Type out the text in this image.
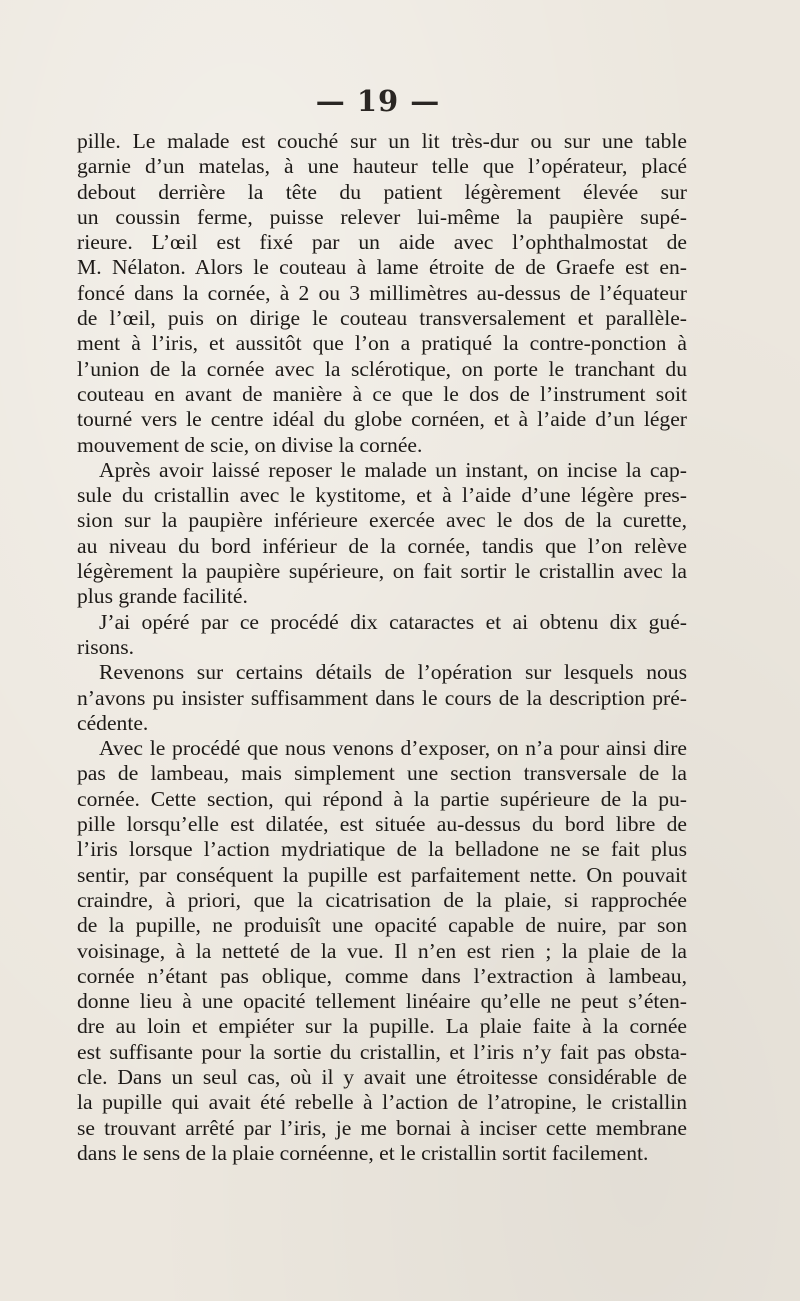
— 19 —
pille. Le malade est couché sur un lit très-dur ou sur une table
garnie d’un matelas, à une hauteur telle que l’opérateur, placé
debout derrière la tête du patient légèrement élevée sur
un coussin ferme, puisse relever lui-même la paupière supé-
rieure. L’œil est fixé par un aide avec l’ophthalmostat de
M. Nélaton. Alors le couteau à lame étroite de de Graefe est en-
foncé dans la cornée, à 2 ou 3 millimètres au-dessus de l’équateur
de l’œil, puis on dirige le couteau transversalement et parallèle-
ment à l’iris, et aussitôt que l’on a pratiqué la contre-ponction à
l’union de la cornée avec la sclérotique, on porte le tranchant du
couteau en avant de manière à ce que le dos de l’instrument soit
tourné vers le centre idéal du globe cornéen, et à l’aide d’un léger
mouvement de scie, on divise la cornée.
Après avoir laissé reposer le malade un instant, on incise la cap-
sule du cristallin avec le kystitome, et à l’aide d’une légère pres-
sion sur la paupière inférieure exercée avec le dos de la curette,
au niveau du bord inférieur de la cornée, tandis que l’on relève
légèrement la paupière supérieure, on fait sortir le cristallin avec la
plus grande facilité.
J’ai opéré par ce procédé dix cataractes et ai obtenu dix gué-
risons.
Revenons sur certains détails de l’opération sur lesquels nous
n’avons pu insister suffisamment dans le cours de la description pré-
cédente.
Avec le procédé que nous venons d’exposer, on n’a pour ainsi dire
pas de lambeau, mais simplement une section transversale de la
cornée. Cette section, qui répond à la partie supérieure de la pu-
pille lorsqu’elle est dilatée, est située au-dessus du bord libre de
l’iris lorsque l’action mydriatique de la belladone ne se fait plus
sentir, par conséquent la pupille est parfaitement nette. On pouvait
craindre, à priori, que la cicatrisation de la plaie, si rapprochée
de la pupille, ne produisît une opacité capable de nuire, par son
voisinage, à la netteté de la vue. Il n’en est rien ; la plaie de la
cornée n’étant pas oblique, comme dans l’extraction à lambeau,
donne lieu à une opacité tellement linéaire qu’elle ne peut s’éten-
dre au loin et empiéter sur la pupille. La plaie faite à la cornée
est suffisante pour la sortie du cristallin, et l’iris n’y fait pas obsta-
cle. Dans un seul cas, où il y avait une étroitesse considérable de
la pupille qui avait été rebelle à l’action de l’atropine, le cristallin
se trouvant arrêté par l’iris, je me bornai à inciser cette membrane
dans le sens de la plaie cornéenne, et le cristallin sortit facilement.
